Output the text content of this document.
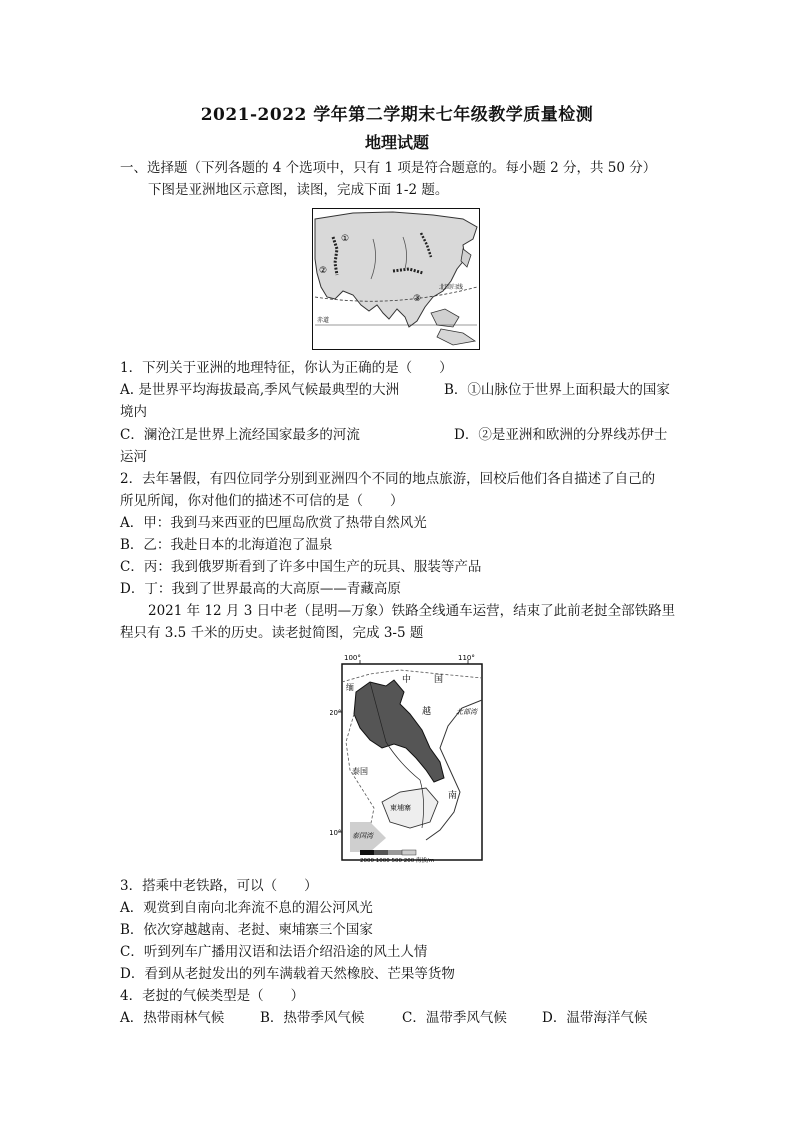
2021-2022 学年第二学期末七年级教学质量检测
地理试题
一、选择题（下列各题的 4 个选项中，只有 1 项是符合题意的。每小题 2 分，共 50 分）
下图是亚洲地区示意图，读图，完成下面 1-2 题。
①
②
③
北回归线
赤道
1．下列关于亚洲的地理特征，你认为正确的是（　　）
A. 是世界平均海拔最高,季风气候最典型的大洲	B．①山脉位于世界上面积最大的国家
境内
C．澜沧江是世界上流经国家最多的河流	D．②是亚洲和欧洲的分界线苏伊士
运河
2．去年暑假，有四位同学分别到亚洲四个不同的地点旅游，回校后他们各自描述了自己的
所见所闻，你对他们的描述不可信的是（　　）
A．甲：我到马来西亚的巴厘岛欣赏了热带自然风光
B．乙：我赴日本的北海道泡了温泉
C．丙：我到俄罗斯看到了许多中国生产的玩具、服装等产品
D．丁：我到了世界最高的大高原——青藏高原
2021 年 12 月 3 日中老（昆明—万象）铁路全线通车运营，结束了此前老挝全部铁路里
程只有 3.5 千米的历史。读老挝简图，完成 3-5 题
100°	110°
20°
10°
中	国
缅
越
南
北部湾
泰国
柬埔寨
泰国湾
2000 1000 500 200 海拔/m
3．搭乘中老铁路，可以（　　）
A．观赏到自南向北奔流不息的湄公河风光
B．依次穿越越南、老挝、柬埔寨三个国家
C．听到列车广播用汉语和法语介绍沿途的风土人情
D．看到从老挝发出的列车满载着天然橡胶、芒果等货物
4．老挝的气候类型是（　　）
A．热带雨林气候	B．热带季风气候	C．温带季风气候	D．温带海洋气候
